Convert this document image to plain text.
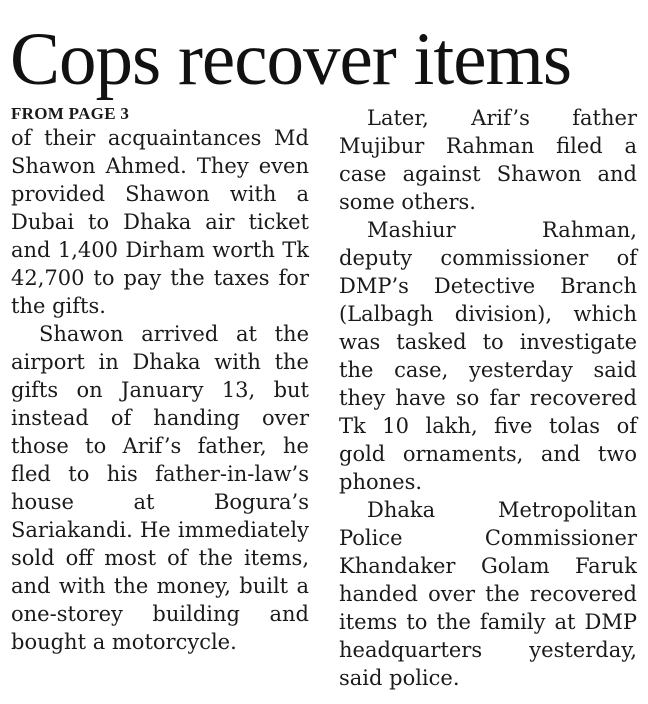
Cops recover items
FROM PAGE 3

of their acquaintances Md Shawon Ahmed. They even provided Shawon with a Dubai to Dhaka air ticket and 1,400 Dirham worth Tk 42,700 to pay the taxes for the gifts.

Shawon arrived at the airport in Dhaka with the gifts on January 13, but instead of handing over those to Arif’s father, he fled to his father-in-law’s house at Bogura’s Sariakandi. He immediately sold off most of the items, and with the money, built a one-storey building and bought a motorcycle.

Later, Arif’s father Mujibur Rahman filed a case against Shawon and some others.

Mashiur Rahman, deputy commissioner of DMP’s Detective Branch (Lalbagh division), which was tasked to investigate the case, yesterday said they have so far recovered Tk 10 lakh, five tolas of gold ornaments, and two phones.

Dhaka Metropolitan Police Commissioner Khandaker Golam Faruk handed over the recovered items to the family at DMP headquarters yesterday, said police.
